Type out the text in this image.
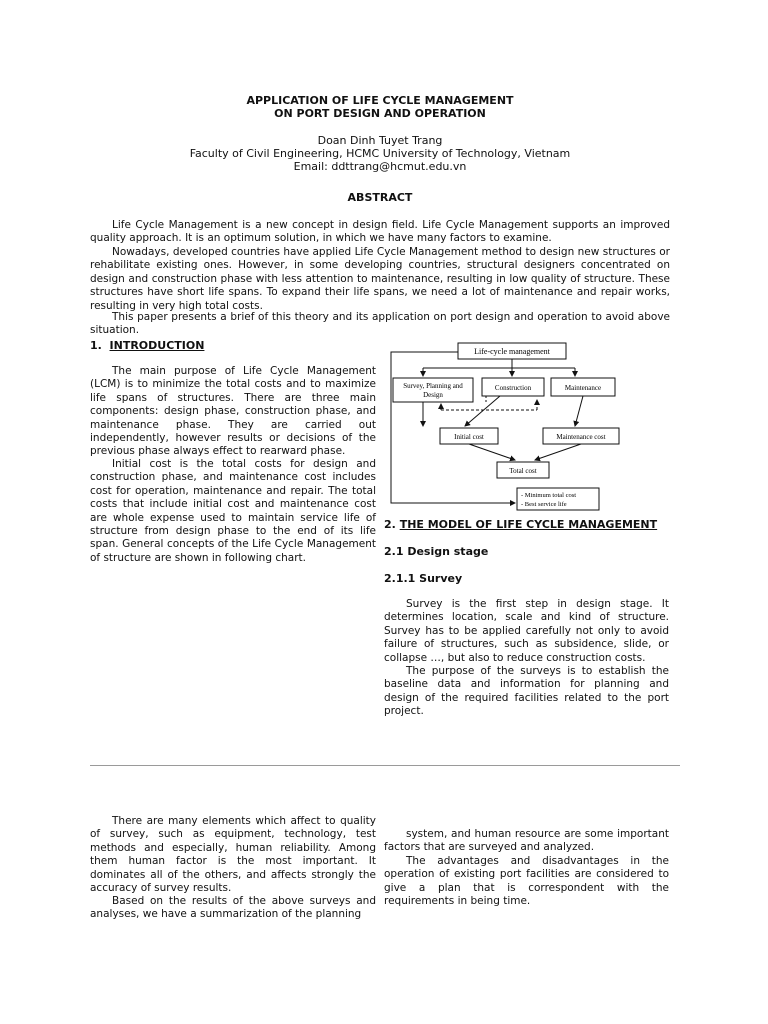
APPLICATION OF LIFE CYCLE MANAGEMENT
ON PORT DESIGN AND OPERATION
Doan Dinh Tuyet Trang
Faculty of Civil Engineering, HCMC University of Technology, Vietnam
Email: ddttrang@hcmut.edu.vn
ABSTRACT
Life Cycle Management is a new concept in design field. Life Cycle Management supports an improved quality approach. It is an optimum solution, in which we have many factors to examine.
Nowadays, developed countries have applied Life Cycle Management method to design new structures or rehabilitate existing ones. However, in some developing countries, structural designers concentrated on design and construction phase with less attention to maintenance, resulting in low quality of structure. These structures have short life spans. To expand their life spans, we need a lot of maintenance and repair works, resulting in very high total costs.
This paper presents a brief of this theory and its application on port design and operation to avoid above situation.
1. INTRODUCTION
The main purpose of Life Cycle Management (LCM) is to minimize the total costs and to maximize life spans of structures. There are three main components: design phase, construction phase, and maintenance phase. They are carried out independently, however results or decisions of the previous phase always effect to rearward phase.
Initial cost is the total costs for design and construction phase, and maintenance cost includes cost for operation, maintenance and repair. The total costs that include initial cost and maintenance cost are whole expense used to maintain service life of structure from design phase to the end of its life span. General concepts of the Life Cycle Management of structure are shown in following chart.
Life-cycle management
Survey, Planning and
Design
Construction	Maintenance
Initial cost	Maintenance cost
Total cost
- Minimum total cost
- Best service life
2. THE MODEL OF LIFE CYCLE MANAGEMENT
2.1 Design stage
2.1.1 Survey
Survey is the first step in design stage. It determines location, scale and kind of structure. Survey has to be applied carefully not only to avoid failure of structures, such as subsidence, slide, or collapse …, but also to reduce construction costs.
The purpose of the surveys is to establish the baseline data and information for planning and design of the required facilities related to the port project.
There are many elements which affect to quality of survey, such as equipment, technology, test methods and especially, human reliability. Among them human factor is the most important. It dominates all of the others, and affects strongly the accuracy of survey results.
Based on the results of the above surveys and analyses, we have a summarization of the planning
system, and human resource are some important factors that are surveyed and analyzed.
The advantages and disadvantages in the operation of existing port facilities are considered to give a plan that is correspondent with the requirements in being time.
